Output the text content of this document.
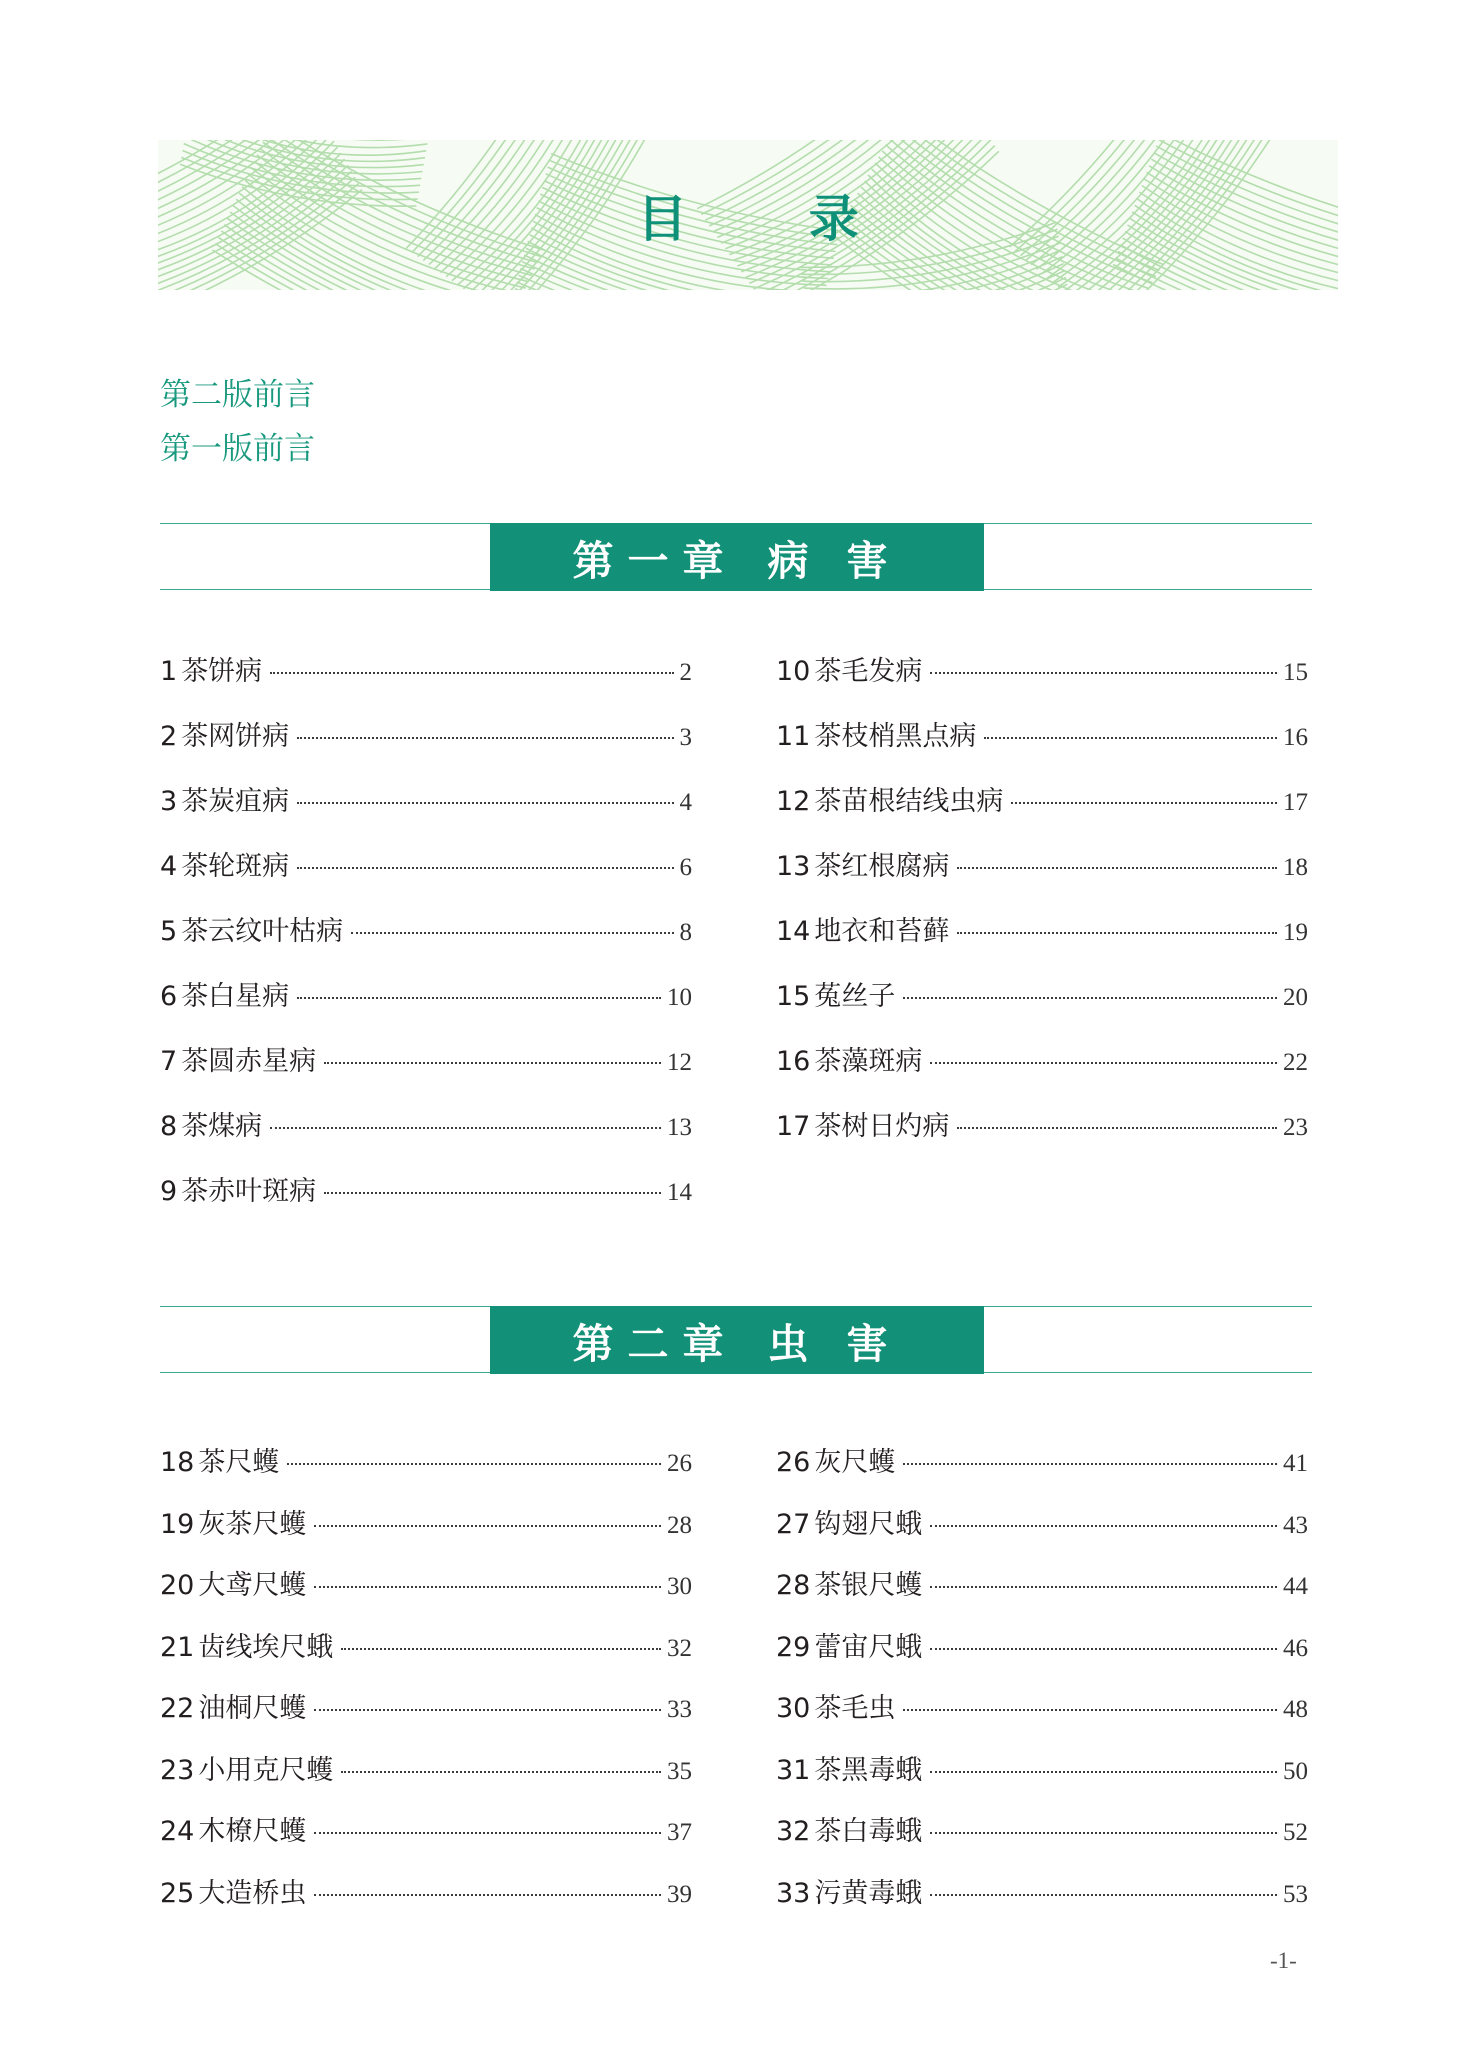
目 录
第二版前言
第一版前言
第一章 病 害
1 茶饼病	2
2 茶网饼病	3
3 茶炭疽病	4
4 茶轮斑病	6
5 茶云纹叶枯病	8
6 茶白星病	10
7 茶圆赤星病	12
8 茶煤病	13
9 茶赤叶斑病	14
10 茶毛发病	15
11 茶枝梢黑点病	16
12 茶苗根结线虫病	17
13 茶红根腐病	18
14 地衣和苔藓	19
15 菟丝子	20
16 茶藻斑病	22
17 茶树日灼病	23
第二章 虫 害
18 茶尺蠖	26
19 灰茶尺蠖	28
20 大鸢尺蠖	30
21 齿线埃尺蛾	32
22 油桐尺蠖	33
23 小用克尺蠖	35
24 木橑尺蠖	37
25 大造桥虫	39
26 灰尺蠖	41
27 钩翅尺蛾	43
28 茶银尺蠖	44
29 蕾宙尺蛾	46
30 茶毛虫	48
31 茶黑毒蛾	50
32 茶白毒蛾	52
33 污黄毒蛾	53
-1-
